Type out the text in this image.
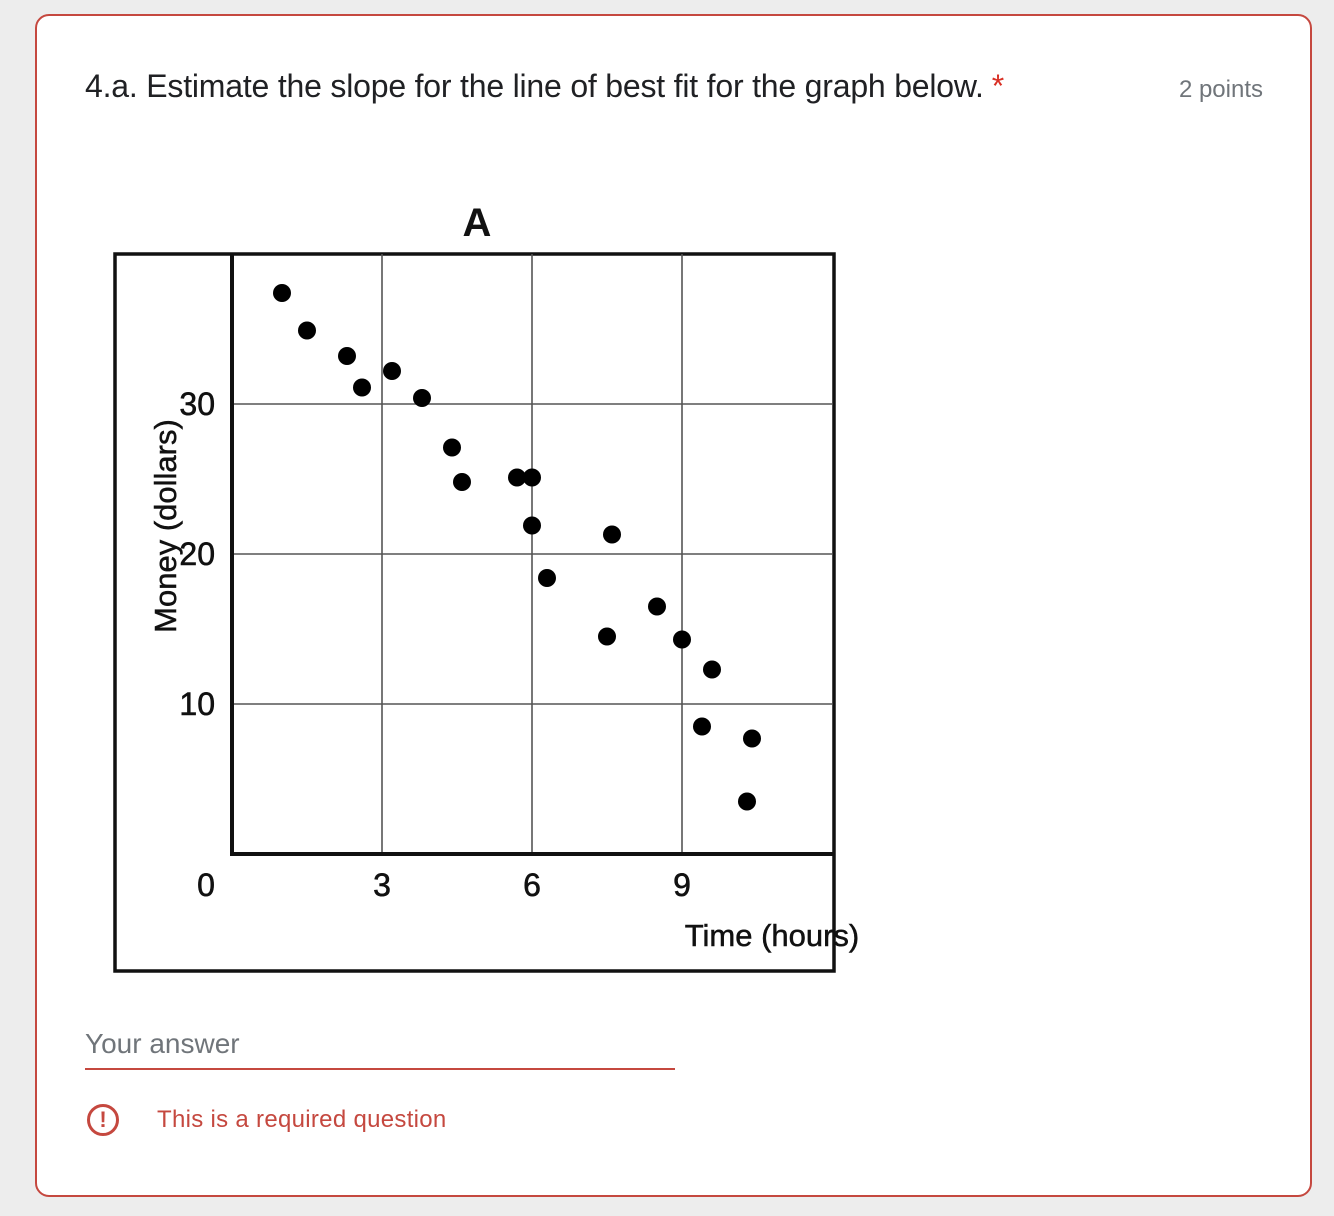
4.a. Estimate the slope for the line of best fit for the graph below. *	2 points
A
0	3	6	9
10
20
30
Time (hours)
Money (dollars)
Your answer
!	This is a required question
